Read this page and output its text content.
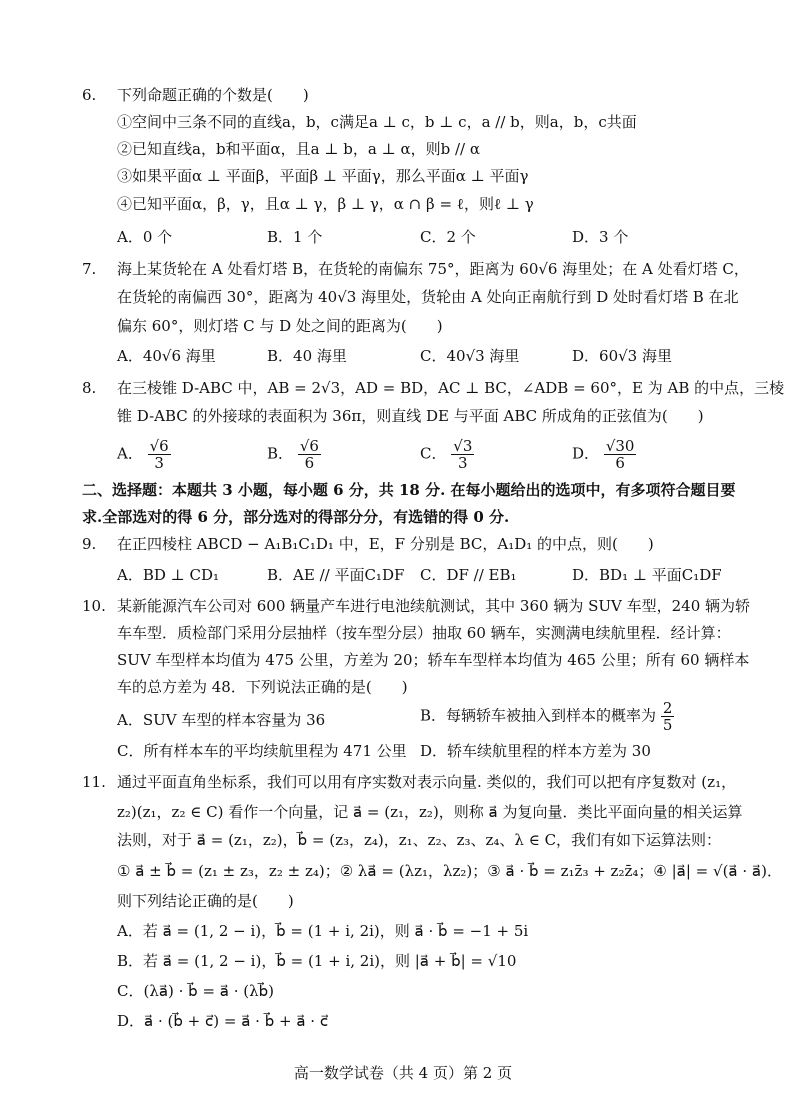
6. 下列命题正确的个数是(　　)
①空间中三条不同的直线a，b，c满足a ⊥ c，b ⊥ c，a // b，则a，b，c共面
②已知直线a，b和平面α，且a ⊥ b，a ⊥ α，则b // α
③如果平面α ⊥ 平面β，平面β ⊥ 平面γ，那么平面α ⊥ 平面γ
④已知平面α，β，γ，且α ⊥ γ，β ⊥ γ，α ∩ β = ℓ，则ℓ ⊥ γ
A．0 个	B．1 个	C．2 个	D．3 个
7. 海上某货轮在 A 处看灯塔 B，在货轮的南偏东 75°，距离为 60√6 海里处；在 A 处看灯塔 C，
在货轮的南偏西 30°，距离为 40√3 海里处，货轮由 A 处向正南航行到 D 处时看灯塔 B 在北
偏东 60°，则灯塔 C 与 D 处之间的距离为(　　)
A．40√6 海里	B．40 海里	C．40√3 海里	D．60√3 海里
8. 在三棱锥 D-ABC 中，AB = 2√3，AD = BD，AC ⊥ BC，∠ADB = 60°，E 为 AB 的中点，三棱
锥 D-ABC 的外接球的表面积为 36π，则直线 DE 与平面 ABC 所成角的正弦值为(　　)
A． $\frac{√6}{3}$	B． $\frac{√6}{6}$	C． $\frac{√3}{3}$	D． $\frac{√30}{6}$
二、选择题：本题共 3 小题，每小题 6 分，共 18 分. 在每小题给出的选项中，有多项符合题目要
求.全部选对的得 6 分，部分选对的得部分分，有选错的得 0 分.
9. 在正四棱柱 ABCD − A₁B₁C₁D₁ 中，E，F 分别是 BC，A₁D₁ 的中点，则(　　)
A．BD ⊥ CD₁	B．AE // 平面C₁DF C．DF // EB₁	D．BD₁ ⊥ 平面C₁DF
10. 某新能源汽车公司对 600 辆量产车进行电池续航测试，其中 360 辆为 SUV 车型，240 辆为轿
车车型．质检部门采用分层抽样（按车型分层）抽取 60 辆车，实测满电续航里程．经计算：
SUV 车型样本均值为 475 公里，方差为 20；轿车车型样本均值为 465 公里；所有 60 辆样本
车的总方差为 48．下列说法正确的是(　　)
A．SUV 车型的样本容量为 36	B．每辆轿车被抽入到样本的概率为 $\frac{2}{5}$
C．所有样本车的平均续航里程为 471 公里 D．轿车续航里程的样本方差为 30
11. 通过平面直角坐标系，我们可以用有序实数对表示向量. 类似的，我们可以把有序复数对 (z₁，
z₂)(z₁，z₂ ∈ C) 看作一个向量，记 a⃗ = (z₁，z₂)，则称 a⃗ 为复向量．类比平面向量的相关运算
法则，对于 a⃗ = (z₁，z₂)，b⃗ = (z₃，z₄)，z₁、z₂、z₃、z₄、λ ∈ C，我们有如下运算法则：
① a⃗ ± b⃗ = (z₁ ± z₃，z₂ ± z₄)；② λa⃗ = (λz₁，λz₂)；③ a⃗ · b⃗ = z₁z̄₃ + z₂z̄₄；④ |a⃗| = √(a⃗ · a⃗)．
则下列结论正确的是(　　)
A．若 a⃗ = (1, 2 − i)，b⃗ = (1 + i, 2i)，则 a⃗ · b⃗ = −1 + 5i
B．若 a⃗ = (1, 2 − i)，b⃗ = (1 + i, 2i)，则 |a⃗ + b⃗| = √10
C．(λa⃗) · b⃗ = a⃗ · (λb⃗)
D．a⃗ · (b⃗ + c⃗) = a⃗ · b⃗ + a⃗ · c⃗
高一数学试卷（共 4 页）第 2 页
